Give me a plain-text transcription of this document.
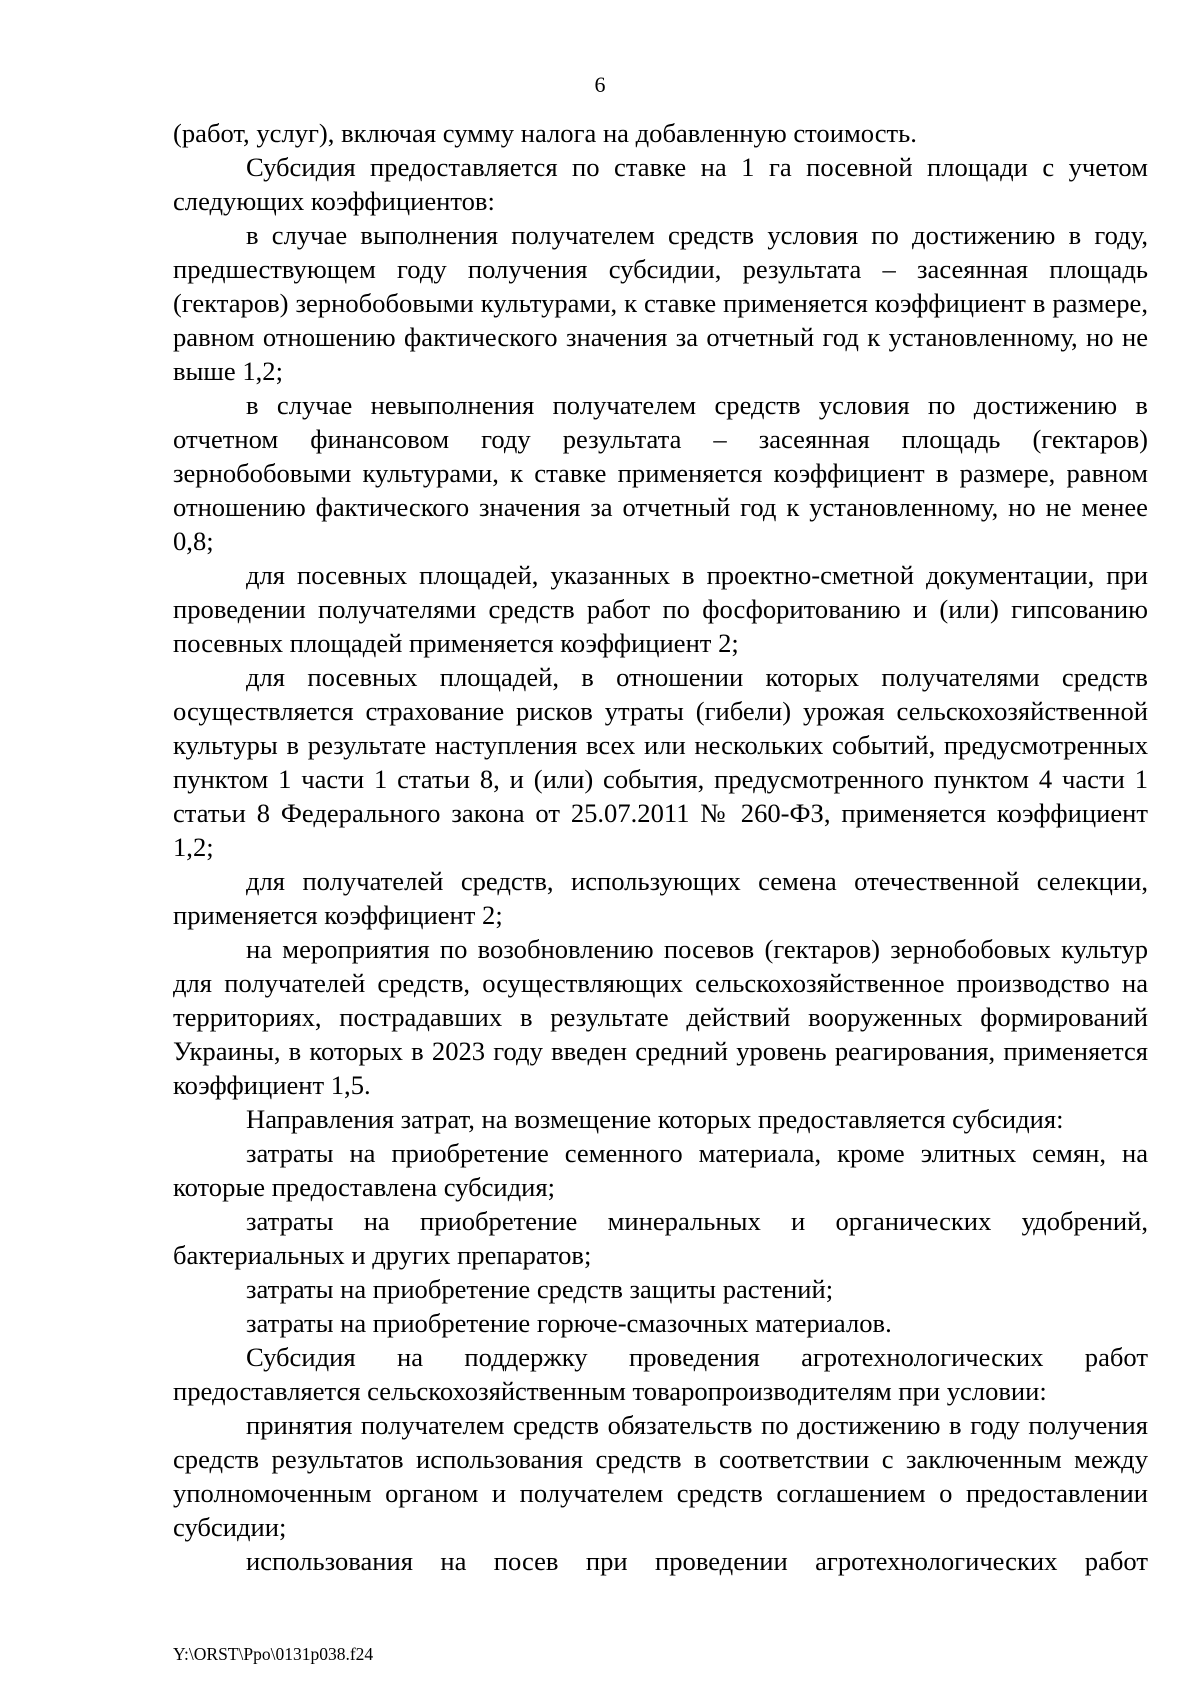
6

(работ, услуг), включая сумму налога на добавленную стоимость.

Субсидия предоставляется по ставке на 1 га посевной площади с учетом следующих коэффициентов:

в случае выполнения получателем средств условия по достижению в году, предшествующем году получения субсидии, результата – засеянная площадь (гектаров) зернобобовыми культурами, к ставке применяется коэффициент в размере, равном отношению фактического значения за отчетный год к установленному, но не выше 1,2;

в случае невыполнения получателем средств условия по достижению в отчетном финансовом году результата – засеянная площадь (гектаров) зернобобовыми культурами, к ставке применяется коэффициент в размере, равном отношению фактического значения за отчетный год к установленному, но не менее 0,8;

для посевных площадей, указанных в проектно-сметной документации, при проведении получателями средств работ по фосфоритованию и (или) гипсованию посевных площадей применяется коэффициент 2;

для посевных площадей, в отношении которых получателями средств осуществляется страхование рисков утраты (гибели) урожая сельскохозяйственной культуры в результате наступления всех или нескольких событий, предусмотренных пунктом 1 части 1 статьи 8, и (или) события, предусмотренного пунктом 4 части 1 статьи 8 Федерального закона от 25.07.2011 № 260-ФЗ, применяется коэффициент 1,2;

для получателей средств, использующих семена отечественной селекции, применяется коэффициент 2;

на мероприятия по возобновлению посевов (гектаров) зернобобовых культур для получателей средств, осуществляющих сельскохозяйственное производство на территориях, пострадавших в результате действий вооруженных формирований Украины, в которых в 2023 году введен средний уровень реагирования, применяется коэффициент 1,5.

Направления затрат, на возмещение которых предоставляется субсидия:

затраты на приобретение семенного материала, кроме элитных семян, на которые предоставлена субсидия;

затраты на приобретение минеральных и органических удобрений, бактериальных и других препаратов;

затраты на приобретение средств защиты растений;

затраты на приобретение горюче-смазочных материалов.

Субсидия на поддержку проведения агротехнологических работ предоставляется сельскохозяйственным товаропроизводителям при условии:

принятия получателем средств обязательств по достижению в году получения средств результатов использования средств в соответствии с заключенным между уполномоченным органом и получателем средств соглашением о предоставлении субсидии;

использования на посев при проведении агротехнологических работ

Y:\ORST\Ppo\0131p038.f24
